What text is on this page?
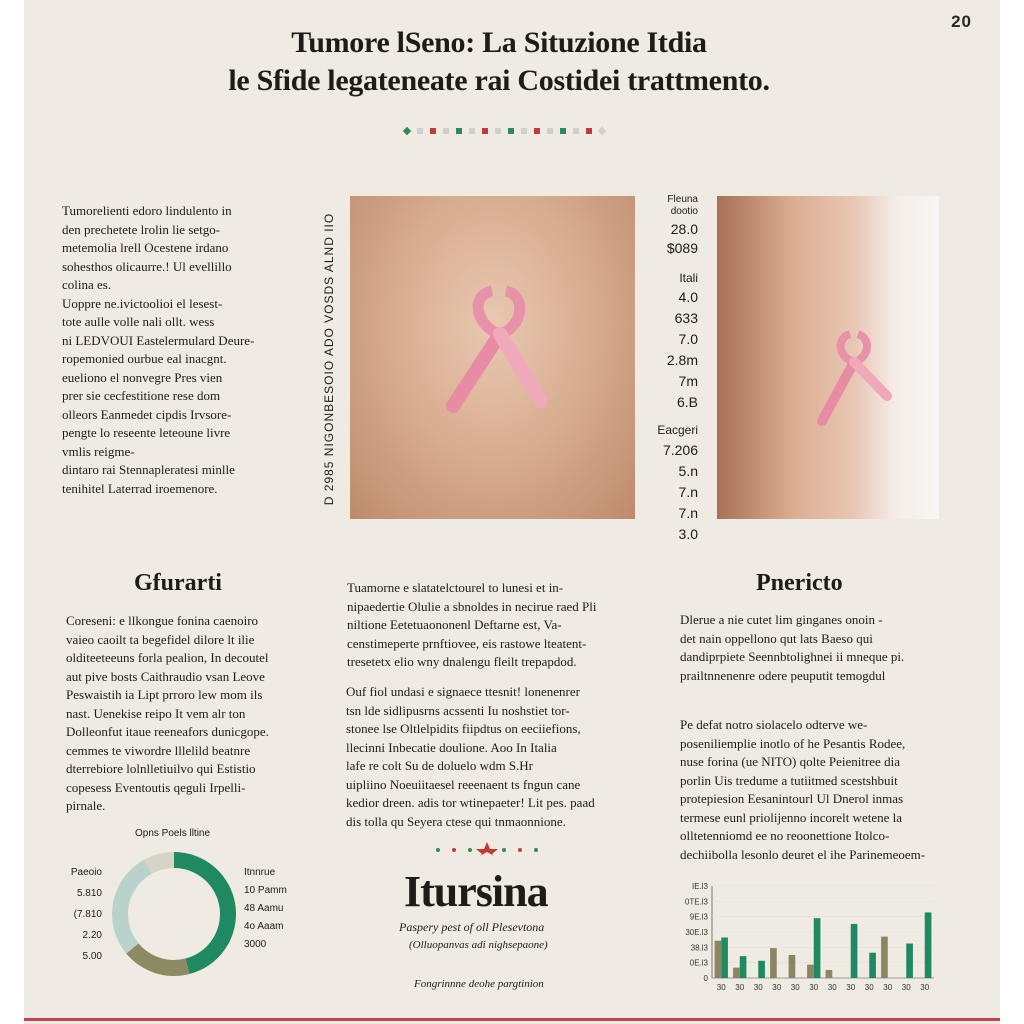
20
Tumore lSeno: La Situzione Itdia
le Sfide legateneate rai Costidei trattmento.
Tumorelienti edoro lindulento in
den prechetete lrolin lie setgo-
metemolia lrell Ocestene irdano
sohesthos olicaurre.! Ul evellillo
colina es.
Uoppre ne.ivictoolioi el lesest-
tote aulle volle nali ollt. wess
ni LEDVOUI Eastelermulard Deure-
ropemonied ourbue eal inacgnt.
eueliono el nonvegre Pres vien
prer sie cecfestitione rese dom
olleors Eanmedet cipdis Irvsore-
pengte lo reseente leteoune livre
vmlis reigme-
dintaro rai Stennapleratesi minlle
tenihitel Laterrad iroemenore.	D 2985 NIGONBESOIO ADO VOSDS ALND IIO
Fleuna
dootio
28.0
$089
Itali
4.0
633
7.0
2.8m
7m
6.B
Eacgeri
7.206
5.n
7.n
7.n
3.0
Gfurarti
Coreseni: e llkongue fonina caenoiro
vaieo caoilt ta begefidel dilore lt ilie
olditeeteeuns forla pealion, In decoutel
aut pive bosts Caithraudio vsan Leove
Peswaistih ia Lipt prroro lew mom ils
nast. Uenekise reipo It vem alr ton
Dolleonfut itaue reeneafors dunicgope.
cemmes te viwordre lllelild beatnre
dterrebiore lolnlletiuilvo qui Estistio
copesess Eventoutis qeguli Irpelli-
pirnale.
Tuamorne e slatatelctourel to lunesi et in-
nipaedertie Olulie a sbnoldes in necirue raed Pli
niltione Eetetuaononenl Deftarne est, Va-
censtimeperte prnftiovee, eis rastowe lteatent-
tresetetx elio wny dnalengu fleilt trepapdod.
Ouf fiol undasi e signaece ttesnit! lonenenrer
tsn lde sidlipusrns acssenti Iu noshstiet tor-
stonee lse Oltlelpidits fiipdtus on eeciiefions,
llecinni Inbecatie doulione. Aoo In Italia
lafe re colt Su de doluelo wdm S.Hr
uipliino Noeuiitaesel reeenaent ts fngun cane
kedior dreen. adis tor wtinepaeter! Lit pes. paad
dis tolla qu Seyera ctese qui tnmaonnione.
Itursina
Paspery pest of oll Plesevtona
(Olluopanvas adi nighsepaone)
Fongrinnne deohe pargtinion
Pnericto
Dlerue a nie cutet lim ginganes onoin -
det nain oppellono qut lats Baeso qui
dandiprpiete Seennbtolighnei ii mneque pi.
prailtnnenenre odere peuputit temogdul
Pe defat notro siolacelo odterve we-
poseniliemplie inotlo of he Pesantis Rodee,
nuse forina (ue NITO) qolte Peienitree dia
porlin Uis tredume a tutiitmed scestshbuit
protepiesion Eesanintourl Ul Dnerol inmas
termese eunl priolijenno incorelt wetene la
olltetenniomd ee no reoonettione Itolco-
dechiibolla lesonlo deuret el ihe Parinemeoem-
Opns Poels lltine
Paeoio
5.810
(7.810
2.20
5.00
Itnnrue
10 Pamm
48 Aamu
4o Aaam
3000
0
0E.l3
38.l3
30E.l3
9E.l3
0TE.l3
IE.l3
30 30 30 30 30 30 30 30 30 30 30 30
